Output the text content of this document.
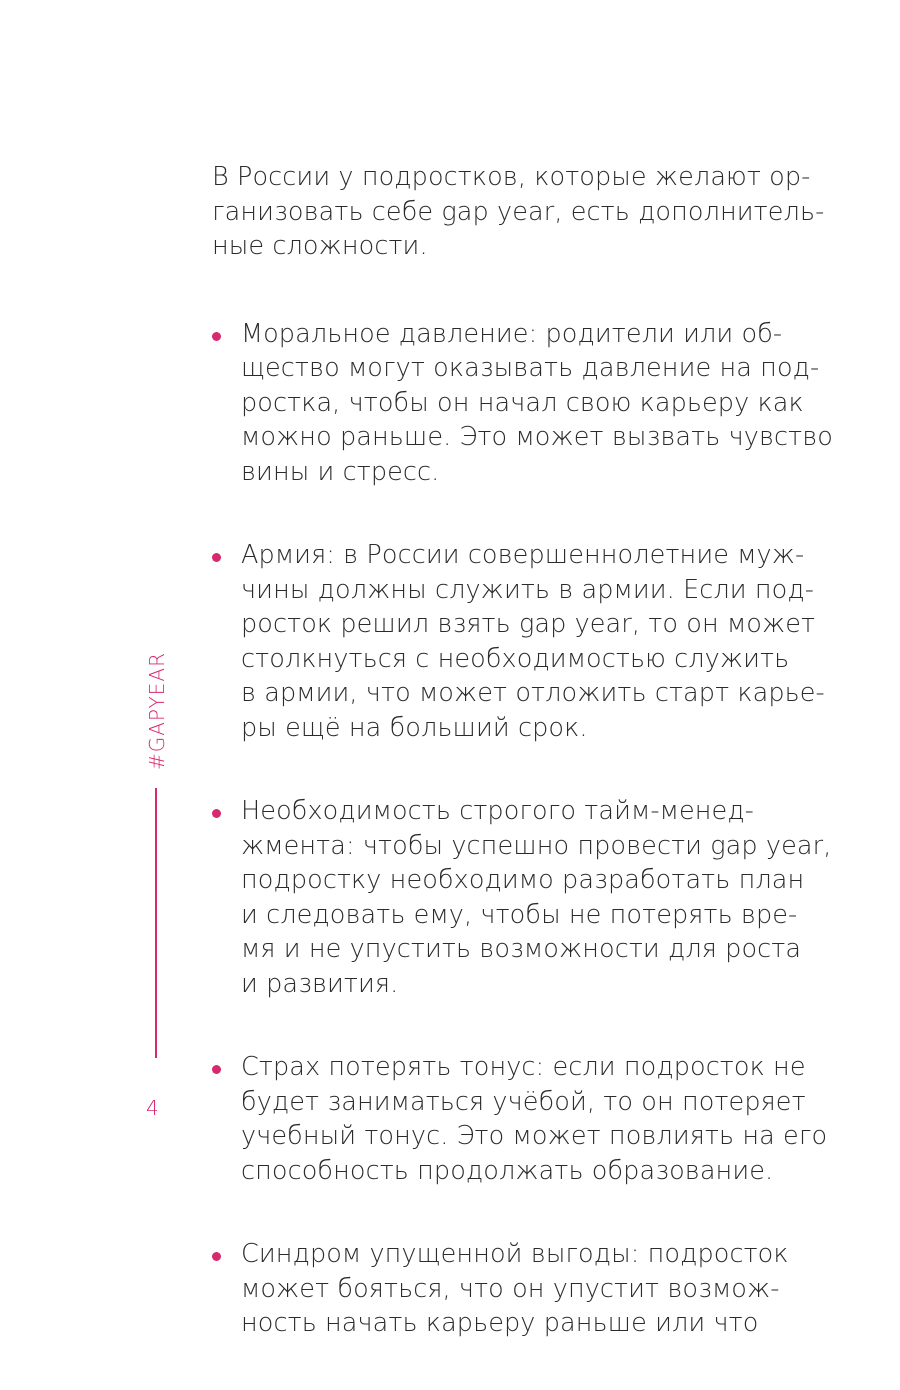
#GAPYEAR

В России у подростков, которые желают ор-
ганизовать себе gap year, есть дополнитель-
ные сложности.

Моральное давление: родители или об-
щество могут оказывать давление на под-
ростка, чтобы он начал свою карьеру как
можно раньше. Это может вызвать чувство
вины и стресс.
Армия: в России совершеннолетние муж-
чины должны служить в армии. Если под-
росток решил взять gap year, то он может
столкнуться с необходимостью служить
в армии, что может отложить старт карье-
ры ещё на больший срок.
Необходимость строгого тайм-менед-
жмента: чтобы успешно провести gap year,
подростку необходимо разработать план
и следовать ему, чтобы не потерять вре-
мя и не упустить возможности для роста
и развития.
Страх потерять тонус: если подросток не
будет заниматься учёбой, то он потеряет
учебный тонус. Это может повлиять на его
способность продолжать образование.
Синдром упущенной выгоды: подросток
может бояться, что он упустит возмож-
ность начать карьеру раньше или что
4
